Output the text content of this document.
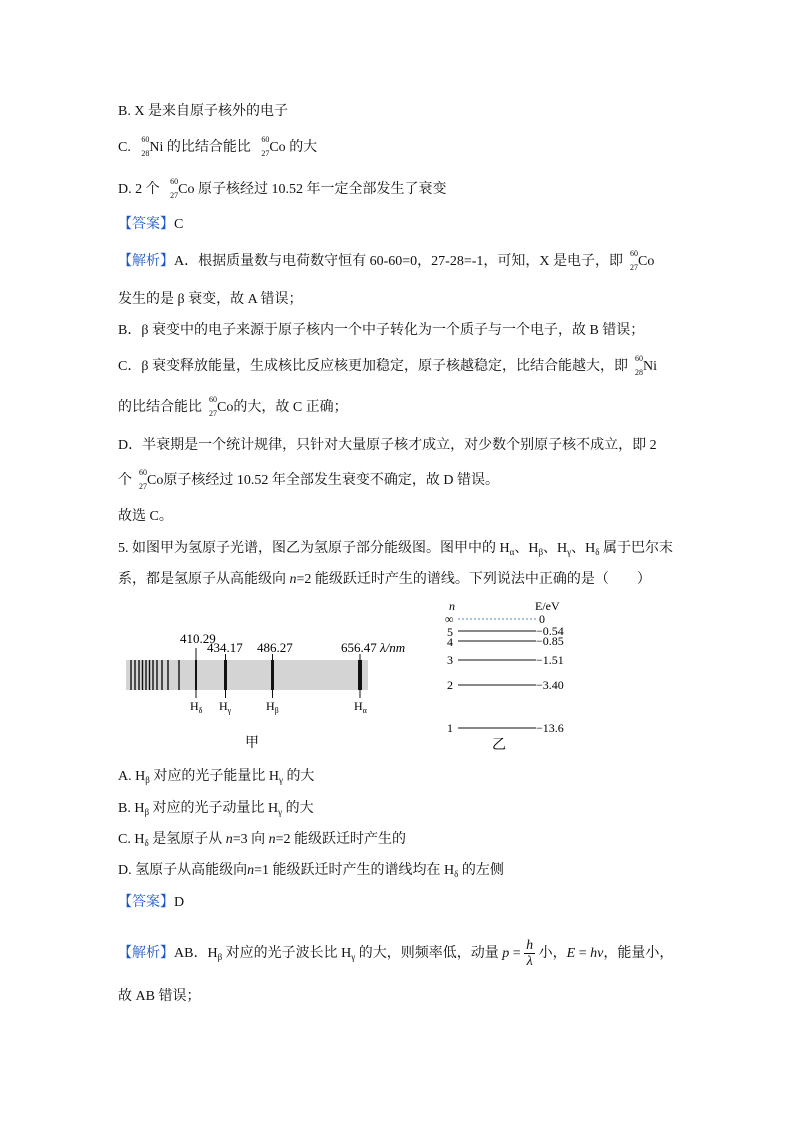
B. X 是来自原子核外的电子
C.
60
28 Ni 的比结合能比
60
27 Co 的大
D. 2 个
60
27 Co 原子核经过 10.52 年一定全部发生了衰变
【答案】C
【解析】A．根据质量数与电荷数守恒有 60-60=0，27-28=-1，可知，X 是电子，即
60
27 Co
发生的是 β 衰变，故 A 错误；
B．β 衰变中的电子来源于原子核内一个中子转化为一个质子与一个电子，故 B 错误；
C．β 衰变释放能量，生成核比反应核更加稳定，原子核越稳定，比结合能越大，即
60
28 Ni
的比结合能比
60
27 Co的大，故 C 正确；
D．半衰期是一个统计规律，只针对大量原子核才成立，对少数个别原子核不成立，即 2
个
60
27 Co原子核经过 10.52 年全部发生衰变不确定，故 D 错误。
故选 C。
5. 如图甲为氢原子光谱，图乙为氢原子部分能级图。图甲中的 $H_\alpha$、$H_\beta$、$H_\gamma$、$H_\delta$ 属于巴尔末
系，都是氢原子从高能级向 n=2 能级跃迁时产生的谱线。下列说法中正确的是（　　）
410.29
434.17 486.27	656.47 λ/nm
$H_\delta$ $H_\gamma$	$H_\beta$	$H_\alpha$
甲
n	E/eV
∞	0
5	−0.54
4	−0.85
3	−1.51
2	−3.40
1	−13.6
乙
A. $H_\beta$ 对应的光子能量比 $H_\gamma$ 的大
B. $H_\beta$ 对应的光子动量比 $H_\gamma$ 的大
C. $H_\delta$ 是氢原子从 n=3 向 n=2 能级跃迁时产生的
D. 氢原子从高能级向n=1 能级跃迁时产生的谱线均在 $H_\delta$ 的左侧
【答案】D
【解析】AB．$H_\beta$ 对应的光子波长比 $H_\gamma$ 的大，则频率低，动量 $p = \frac{h}{\lambda}$ 小，E = hν，能量小，
故 AB 错误；
